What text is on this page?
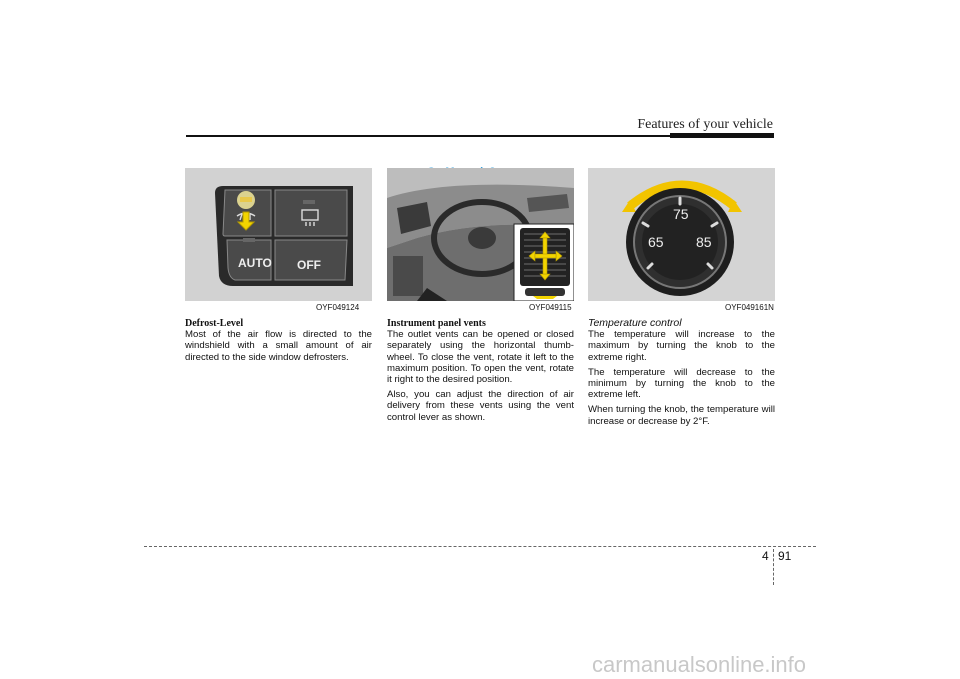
Features of your vehicle
AUTO OFF
OYF049124	OYF049115
75
65 85
OYF049161N
Defrost-Level

Most of the air flow is directed to the windshield with a small amount of air directed to the side window defrosters.

Instrument panel vents

The outlet vents can be opened or closed separately using the horizontal thumb-wheel. To close the vent, rotate it left to the maximum position. To open the vent, rotate it right to the desired position.

Also, you can adjust the direction of air delivery from these vents using the vent control lever as shown.

Temperature control

The temperature will increase to the maximum by turning the knob to the extreme right.

The temperature will decrease to the minimum by turning the knob to the extreme left.

When turning the knob, the temperature will increase or decrease by 2°F.

4 91
carmanualsonline.info
